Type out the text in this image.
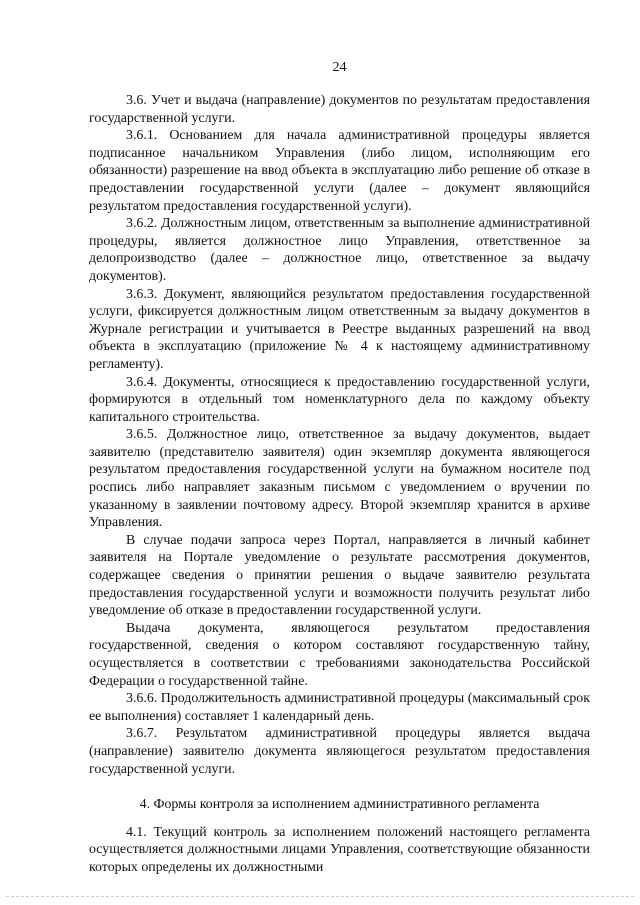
24

3.6. Учет и выдача (направление) документов по результатам предоставления государственной услуги.

3.6.1. Основанием для начала административной процедуры является подписанное начальником Управления (либо лицом, исполняющим его обязанности) разрешение на ввод объекта в эксплуатацию либо решение об отказе в предоставлении государственной услуги (далее – документ являющийся результатом предоставления государственной услуги).

3.6.2. Должностным лицом, ответственным за выполнение административной процедуры, является должностное лицо Управления, ответственное за делопроизводство (далее – должностное лицо, ответственное за выдачу документов).

3.6.3. Документ, являющийся результатом предоставления государственной услуги, фиксируется должностным лицом ответственным за выдачу документов в Журнале регистрации и учитывается в Реестре выданных разрешений на ввод объекта в эксплуатацию (приложение № 4 к настоящему административному регламенту).

3.6.4. Документы, относящиеся к предоставлению государственной услуги, формируются в отдельный том номенклатурного дела по каждому объекту капитального строительства.

3.6.5. Должностное лицо, ответственное за выдачу документов, выдает заявителю (представителю заявителя) один экземпляр документа являющегося результатом предоставления государственной услуги на бумажном носителе под роспись либо направляет заказным письмом с уведомлением о вручении по указанному в заявлении почтовому адресу. Второй экземпляр хранится в архиве Управления.

В случае подачи запроса через Портал, направляется в личный кабинет заявителя на Портале уведомление о результате рассмотрения документов, содержащее сведения о принятии решения о выдаче заявителю результата предоставления государственной услуги и возможности получить результат либо уведомление об отказе в предоставлении государственной услуги.

Выдача документа, являющегося результатом предоставления государственной, сведения о котором составляют государственную тайну, осуществляется в соответствии с требованиями законодательства Российской Федерации о государственной тайне.

3.6.6. Продолжительность административной процедуры (максимальный срок ее выполнения) составляет 1 календарный день.

3.6.7. Результатом административной процедуры является выдача (направление) заявителю документа являющегося результатом предоставления государственной услуги.

4. Формы контроля за исполнением административного регламента

4.1. Текущий контроль за исполнением положений настоящего регламента осуществляется должностными лицами Управления, соответствующие обязанности которых определены их должностными
